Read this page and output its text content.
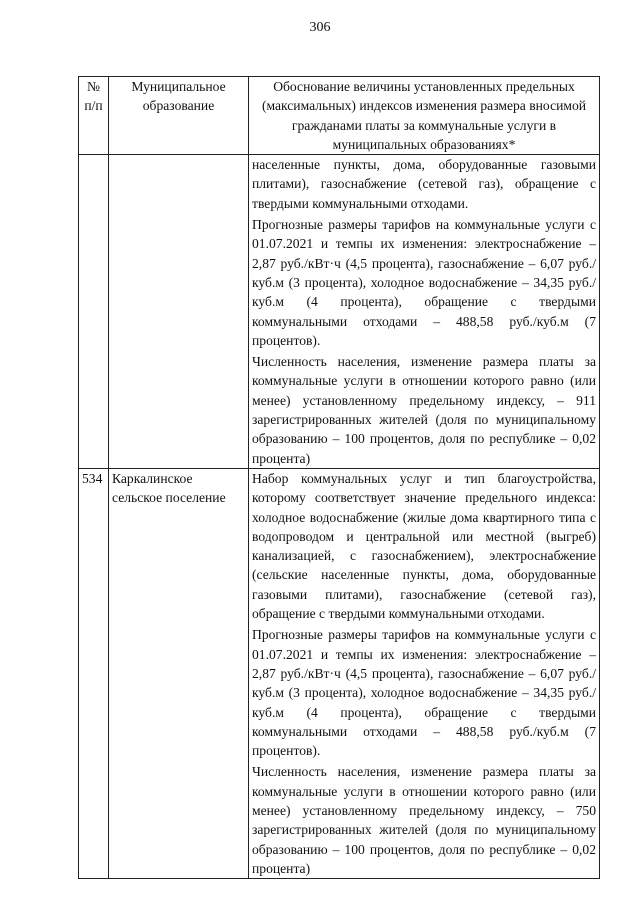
306
№ п/п	Муниципальное образование	Обоснование величины установленных предельных (максимальных) индексов изменения размера вносимой гражданами платы за коммунальные услуги в муниципальных образованиях*

		населенные пункты, дома, оборудованные газовыми плитами), газоснабжение (сетевой газ), обращение с твердыми коммунальными отходами.

Прогнозные размеры тарифов на коммунальные услуги с 01.07.2021 и темпы их изменения: электроснабжение – 2,87 руб./кВт·ч (4,5 процента), газоснабжение – 6,07 руб./куб.м (3 процента), холодное водоснабжение – 34,35 руб./куб.м (4 процента), обращение с твердыми коммунальными отходами – 488,58 руб./куб.м (7 процентов).

Численность населения, изменение размера платы за коммунальные услуги в отношении которого равно (или менее) установленному предельному индексу, – 911 зарегистрированных жителей (доля по муниципальному образованию – 100 процентов, доля по республике – 0,02 процента)

534	Каркалинское сельское поселение	Набор коммунальных услуг и тип благоустройства, которому соответствует значение предельного индекса: холодное водоснабжение (жилые дома квартирного типа с водопроводом и центральной или местной (выгреб) канализацией, с газоснабжением), электроснабжение (сельские населенные пункты, дома, оборудованные газовыми плитами), газоснабжение (сетевой газ), обращение с твердыми коммунальными отходами.

Прогнозные размеры тарифов на коммунальные услуги с 01.07.2021 и темпы их изменения: электроснабжение – 2,87 руб./кВт·ч (4,5 процента), газоснабжение – 6,07 руб./куб.м (3 процента), холодное водоснабжение – 34,35 руб./куб.м (4 процента), обращение с твердыми коммунальными отходами – 488,58 руб./куб.м (7 процентов).

Численность населения, изменение размера платы за коммунальные услуги в отношении которого равно (или менее) установленному предельному индексу, – 750 зарегистрированных жителей (доля по муниципальному образованию – 100 процентов, доля по республике – 0,02 процента)
